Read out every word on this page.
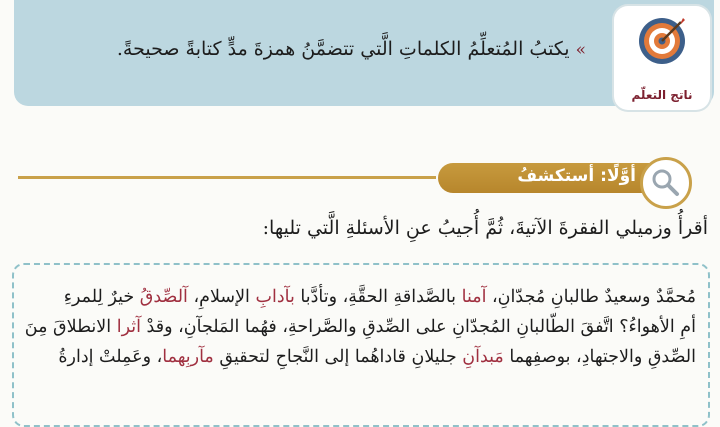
»يكتبُ المُتعلِّمُ الكلماتِ الَّتي تتضمَّنُ همزةَ مدٍّ كتابةً صحيحةً.
ناتج التعلّم
أوَّلًا: أستكشفُ
أقرأُ وزميلي الفقرةَ الآتيةَ، ثُمَّ أُجيبُ عنِ الأسئلةِ الَّتي تليها:
مُحمَّدٌ وسعيدٌ طالبانِ مُجدّانِ، آمنا بالصَّداقةِ الحقَّةِ، وتأدَّبا بآدابِ الإسلامِ، آلصِّدقُ خيرٌ لِلمرءِ
أمِ الأهواءُ؟ اتَّفقَ الطّالبانِ المُجدّانِ على الصِّدقِ والصَّراحةِ، فهُما المَلجآنِ، وقدْ آثرا الانطلاقَ مِنَ
الصِّدقِ والاجتهادِ، بوصفِهما مَبدآنِ جليلانِ قاداهُما إلى النَّجاحِ لتحقيقِ مآربِهما، وعَمِلتْ إدارةُ
